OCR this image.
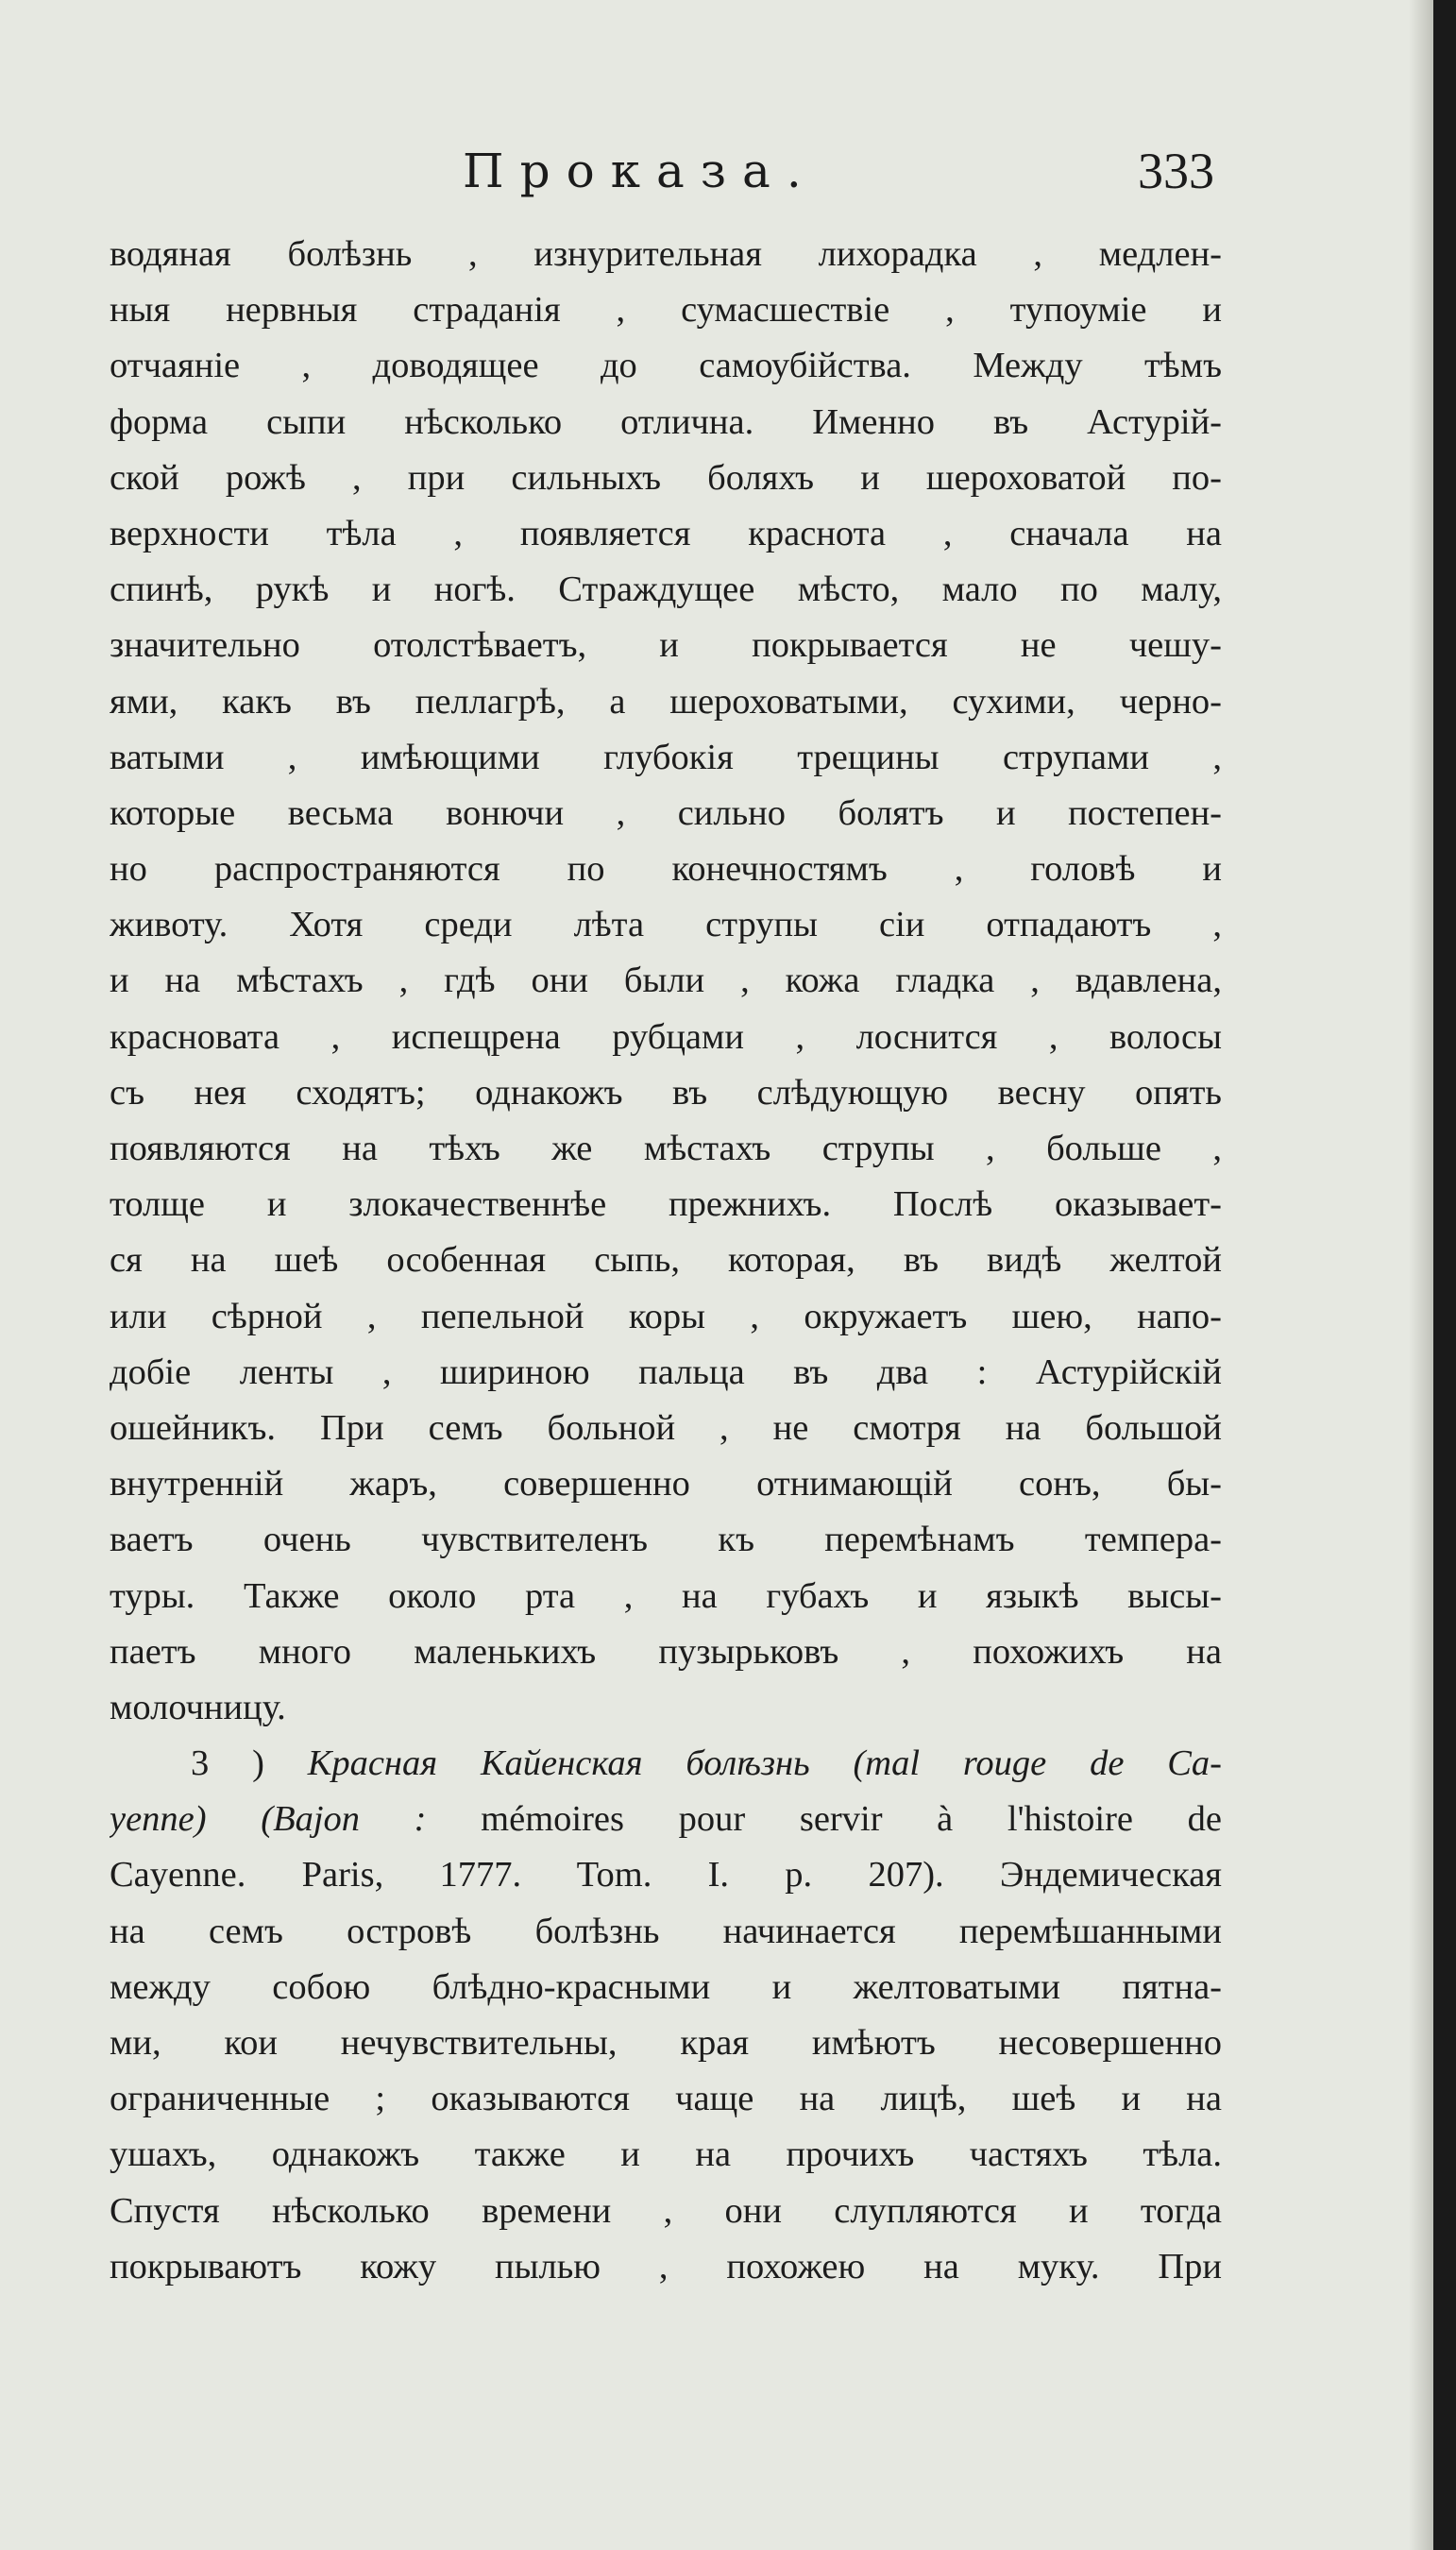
Проказа.	333
водяная болѣзнь , изнурительная лихорадка , медлен-
ныя нервныя страданія , сумасшествіе , тупоуміе и
отчаяніе , доводящее до самоубійства. Между тѣмъ
форма сыпи нѣсколько отлична. Именно въ Астурій-
ской рожѣ , при сильныхъ боляхъ и шероховатой по-
верхности тѣла , появляется краснота , сначала на
спинѣ, рукѣ и ногѣ. Страждущее мѣсто, мало по малу,
значительно отолстѣваетъ, и покрывается не чешу-
ями, какъ въ пеллагрѣ, а шероховатыми, сухими, черно-
ватыми , имѣющими глубокія трещины струпами ,
которые весьма вонючи , сильно болятъ и постепен-
но распространяются по конечностямъ , головѣ и
животу. Хотя среди лѣта струпы сіи отпадаютъ ,
и на мѣстахъ , гдѣ они были , кожа гладка , вдавлена,
красновата , испещрена рубцами , лоснится , волосы
съ нея сходятъ; однакожъ въ слѣдующую весну опять
появляются на тѣхъ же мѣстахъ струпы , больше ,
толще и злокачественнѣе прежнихъ. Послѣ оказывает-
ся на шеѣ особенная сыпь, которая, въ видѣ желтой
или сѣрной , пепельной коры , окружаетъ шею, напо-
добіе ленты , шириною пальца въ два : Астурійскій
ошейникъ. При семъ больной , не смотря на большой
внутренній жаръ, совершенно отнимающій сонъ, бы-
ваетъ очень чувствителенъ къ перемѣнамъ темпера-
туры. Также около рта , на губахъ и языкѣ высы-
паетъ много маленькихъ пузырьковъ , похожихъ на
молочницу.
3 ) Красная Кайенская болѣзнь (mal rouge de Ca-
yenne) (Bajon : mémoires pour servir à l'histoire de
Cayenne. Paris, 1777. Tom. I. p. 207). Эндемическая
на семъ островѣ болѣзнь начинается перемѣшанными
между собою блѣдно-красными и желтоватыми пятна-
ми, кои нечувствительны, края имѣютъ несовершенно
ограниченные ; оказываются чаще на лицѣ, шеѣ и на
ушахъ, однакожъ также и на прочихъ частяхъ тѣла.
Спустя нѣсколько времени , они слупляются и тогда
покрываютъ кожу пылью , похожею на муку. При
